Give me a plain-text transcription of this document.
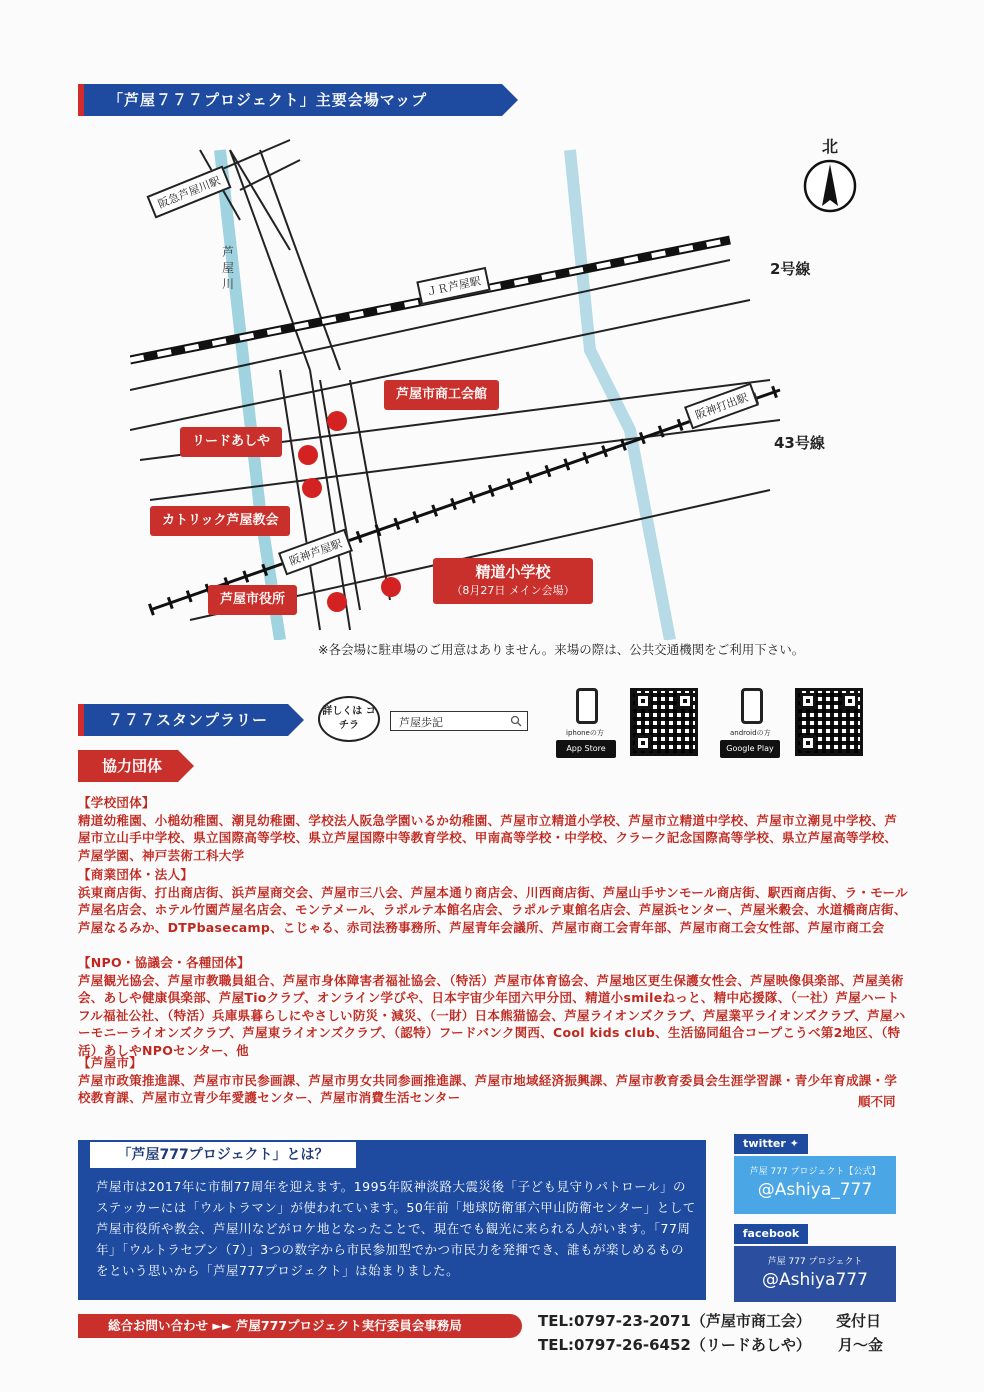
「芦屋７７７プロジェクト」主要会場マップ
阪急芦屋川駅
ＪＲ芦屋駅
阪神打出駅
阪神芦屋駅
芦屋川
2号線
43号線
北
芦屋市商工会館
リードあしや
カトリック芦屋教会
芦屋市役所
精道小学校
（8月27日 メイン会場）
※各会場に駐車場のご用意はありません。来場の際は、公共交通機関をご利用下さい。
７７７スタンプラリー	詳しくは コチラ	芦屋歩記
iphoneの方
App Store
androidの方
Google Play
協力団体
【学校団体】
精道幼稚園、小槌幼稚園、潮見幼稚園、学校法人阪急学園いるか幼稚園、芦屋市立精道小学校、芦屋市立精道中学校、芦屋市立潮見中学校、芦屋市立山手中学校、県立国際高等学校、県立芦屋国際中等教育学校、甲南高等学校・中学校、クラーク記念国際高等学校、県立芦屋高等学校、芦屋学園、神戸芸術工科大学
【商業団体・法人】
浜東商店街、打出商店街、浜芦屋商交会、芦屋市三八会、芦屋本通り商店会、川西商店街、芦屋山手サンモール商店街、駅西商店街、ラ・モール芦屋名店会、ホテル竹園芦屋名店会、モンテメール、ラポルテ本館名店会、ラポルテ東館名店会、芦屋浜センター、芦屋米穀会、水道橋商店街、芦屋なるみか、DTPbasecamp、こじゃる、赤司法務事務所、芦屋青年会議所、芦屋市商工会青年部、芦屋市商工会女性部、芦屋市商工会
【NPO・協議会・各種団体】
芦屋観光協会、芦屋市教職員組合、芦屋市身体障害者福祉協会、（特活）芦屋市体育協会、芦屋地区更生保護女性会、芦屋映像倶楽部、芦屋美術会、あしや健康倶楽部、芦屋Tioクラブ、オンライン学びや、日本宇宙少年団六甲分団、精道小smileねっと、精中応援隊、（一社）芦屋ハートフル福祉公社、（特活）兵庫県暮らしにやさしい防災・減災、（一財）日本熊猫協会、芦屋ライオンズクラブ、芦屋業平ライオンズクラブ、芦屋ハーモニーライオンズクラブ、芦屋東ライオンズクラブ、（認特）フードバンク関西、Cool kids club、生活協同組合コープこうべ第2地区、（特活）あしやNPOセンター、他
【芦屋市】
芦屋市政策推進課、芦屋市市民参画課、芦屋市男女共同参画推進課、芦屋市地域経済振興課、芦屋市教育委員会生涯学習課・青少年育成課・学校教育課、芦屋市立青少年愛護センター、芦屋市消費生活センター	順不同
「芦屋777プロジェクト」とは？
芦屋市は2017年に市制77周年を迎えます。1995年阪神淡路大震災後「子ども見守りパトロール」のステッカーには「ウルトラマン」が使われています。50年前「地球防衛軍六甲山防衛センター」として芦屋市役所や教会、芦屋川などがロケ地となったことで、現在でも観光に来られる人がいます。「77周年」「ウルトラセブン（7）」3つの数字から市民参加型でかつ市民力を発揮でき、誰もが楽しめるものをという思いから「芦屋777プロジェクト」は始まりました。
twitter ✦
芦屋 777 プロジェクト【公式】
@Ashiya_777
facebook
芦屋 777 プロジェクト
@Ashiya777
総合お問い合わせ ►► 芦屋777プロジェクト実行委員会事務局	TEL:0797-23-2071（芦屋市商工会）
TEL:0797-26-6452（リードあしや）
受付日
月～金
